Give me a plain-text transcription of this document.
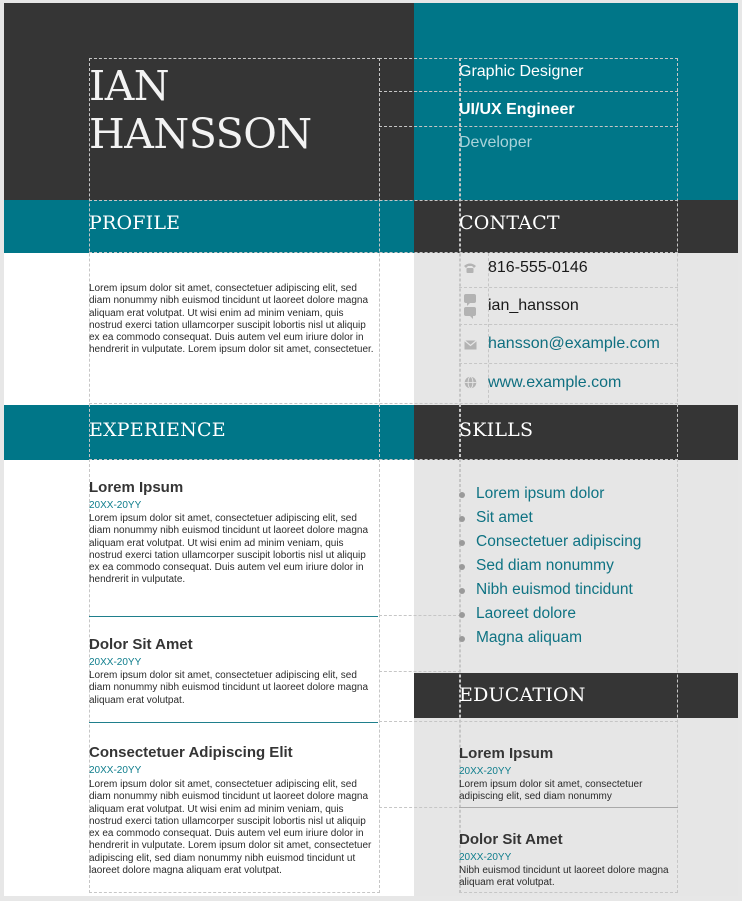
IAN
HANSSON
Graphic Designer
UI/UX Engineer
Developer
PROFILE	CONTACT
EXPERIENCE	SKILLS
EDUCATION
Lorem ipsum dolor sit amet, consectetuer adipiscing elit, sed diam nonummy nibh euismod tincidunt ut laoreet dolore magna aliquam erat volutpat. Ut wisi enim ad minim veniam, quis nostrud exerci tation ullamcorper suscipit lobortis nisl ut aliquip ex ea commodo consequat. Duis autem vel eum iriure dolor in hendrerit in vulputate. Lorem ipsum dolor sit amet, consectetuer.
816-555-0146
ian_hansson
hansson@example.com
www.example.com
Lorem Ipsum
20XX-20YY
Lorem ipsum dolor sit amet, consectetuer adipiscing elit, sed diam nonummy nibh euismod tincidunt ut laoreet dolore magna aliquam erat volutpat. Ut wisi enim ad minim veniam, quis nostrud exerci tation ullamcorper suscipit lobortis nisl ut aliquip ex ea commodo consequat. Duis autem vel eum iriure dolor in hendrerit in vulputate.
Dolor Sit Amet
20XX-20YY
Lorem ipsum dolor sit amet, consectetuer adipiscing elit, sed diam nonummy nibh euismod tincidunt ut laoreet dolore magna aliquam erat volutpat.
Consectetuer Adipiscing Elit
20XX-20YY
Lorem ipsum dolor sit amet, consectetuer adipiscing elit, sed diam nonummy nibh euismod tincidunt ut laoreet dolore magna aliquam erat volutpat. Ut wisi enim ad minim veniam, quis nostrud exerci tation ullamcorper suscipit lobortis nisl ut aliquip ex ea commodo consequat. Duis autem vel eum iriure dolor in hendrerit in vulputate. Lorem ipsum dolor sit amet, consectetuer adipiscing elit, sed diam nonummy nibh euismod tincidunt ut laoreet dolore magna aliquam erat volutpat.
Lorem ipsum dolor
Sit amet
Consectetuer adipiscing
Sed diam nonummy
Nibh euismod tincidunt
Laoreet dolore
Magna aliquam
Lorem Ipsum
20XX-20YY
Lorem ipsum dolor sit amet, consectetuer adipiscing elit, sed diam nonummy
Dolor Sit Amet
20XX-20YY
Nibh euismod tincidunt ut laoreet dolore magna aliquam erat volutpat.
